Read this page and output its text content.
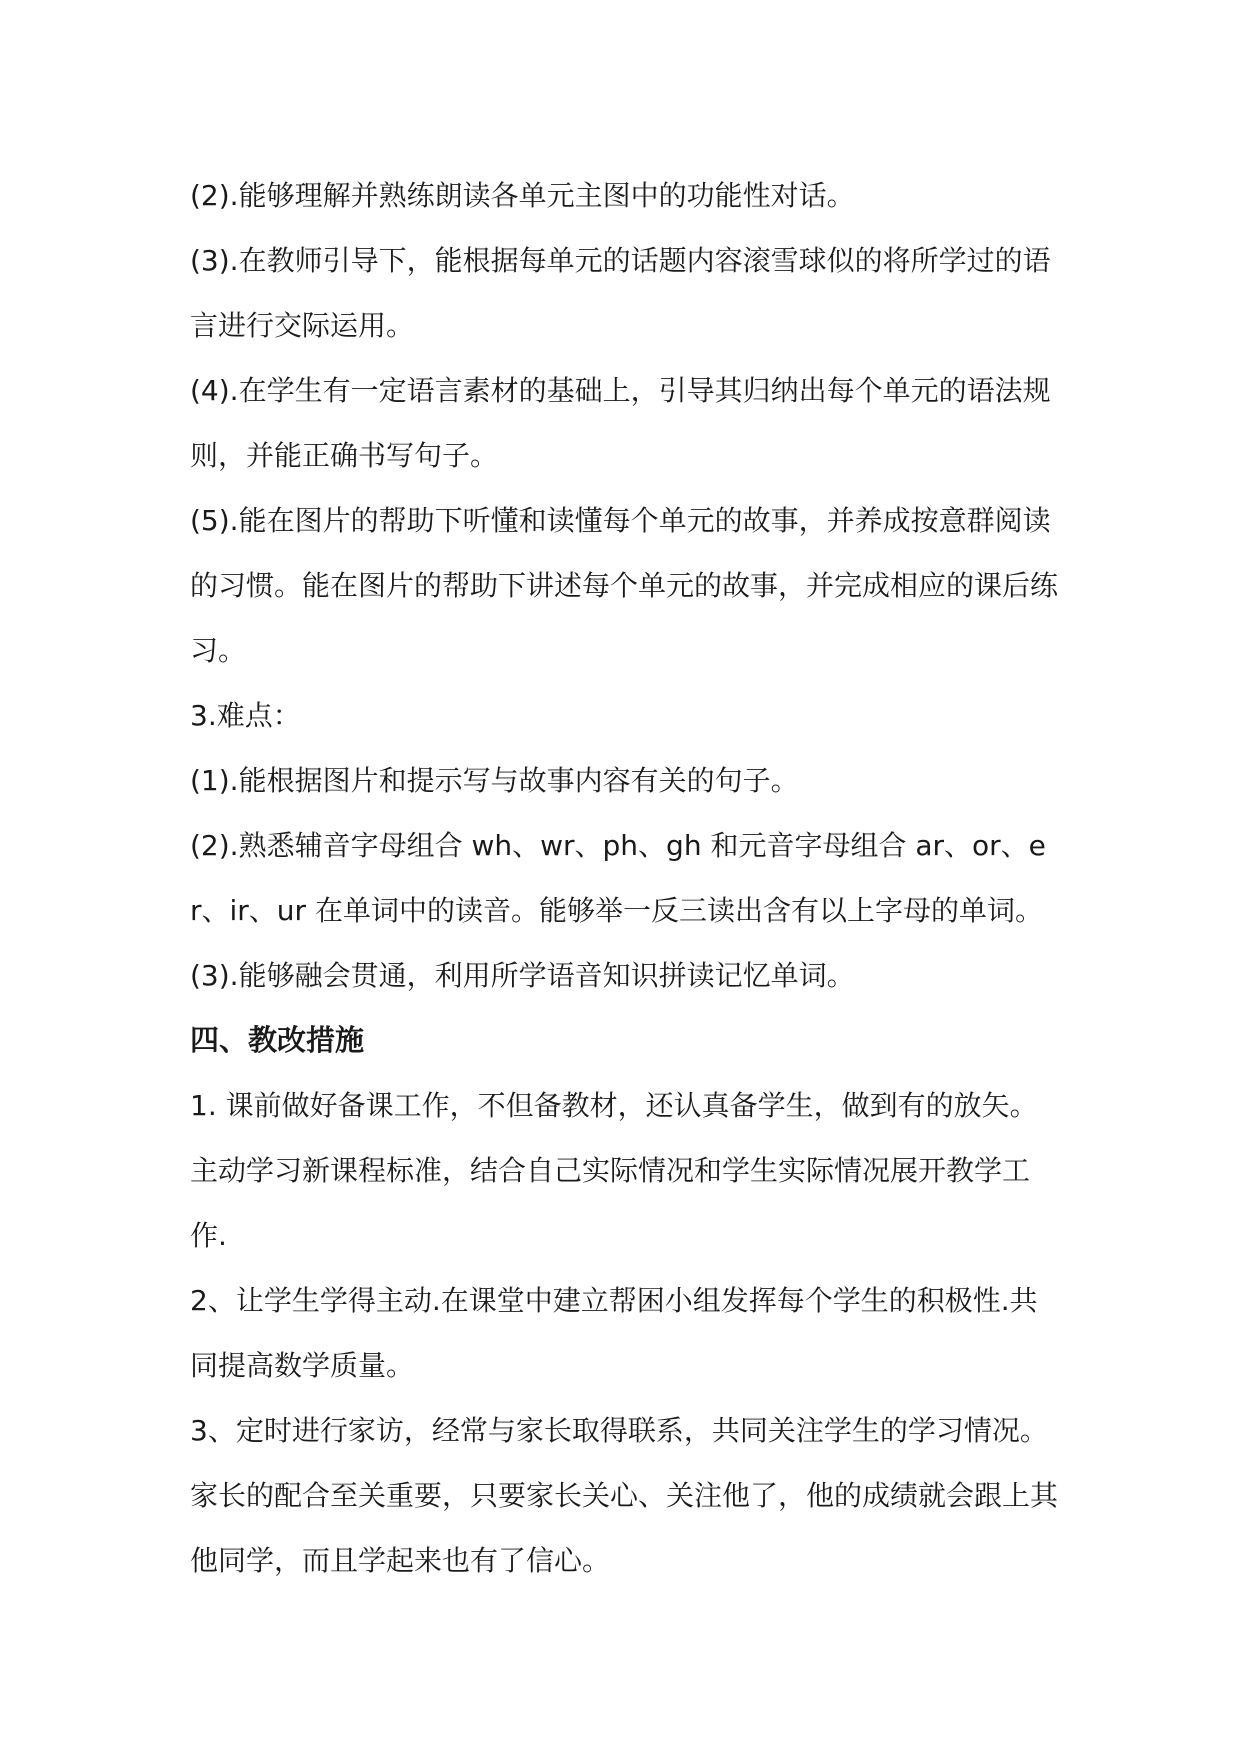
(2).能够理解并熟练朗读各单元主图中的功能性对话。

(3).在教师引导下，能根据每单元的话题内容滚雪球似的将所学过的语言进行交际运用。

(4).在学生有一定语言素材的基础上，引导其归纳出每个单元的语法规则，并能正确书写句子。

(5).能在图片的帮助下听懂和读懂每个单元的故事，并养成按意群阅读的习惯。能在图片的帮助下讲述每个单元的故事，并完成相应的课后练习。

3.难点：

(1).能根据图片和提示写与故事内容有关的句子。

(2).熟悉辅音字母组合 wh、wr、ph、gh 和元音字母组合 ar、or、er、ir、ur 在单词中的读音。能够举一反三读出含有以上字母的单词。

(3).能够融会贯通，利用所学语音知识拼读记忆单词。

四、教改措施

1. 课前做好备课工作，不但备教材，还认真备学生，做到有的放矢。主动学习新课程标准，结合自己实际情况和学生实际情况展开教学工作.

2、让学生学得主动.在课堂中建立帮困小组发挥每个学生的积极性.共同提高数学质量。

3、定时进行家访，经常与家长取得联系，共同关注学生的学习情况。家长的配合至关重要，只要家长关心、关注他了，他的成绩就会跟上其他同学，而且学起来也有了信心。
